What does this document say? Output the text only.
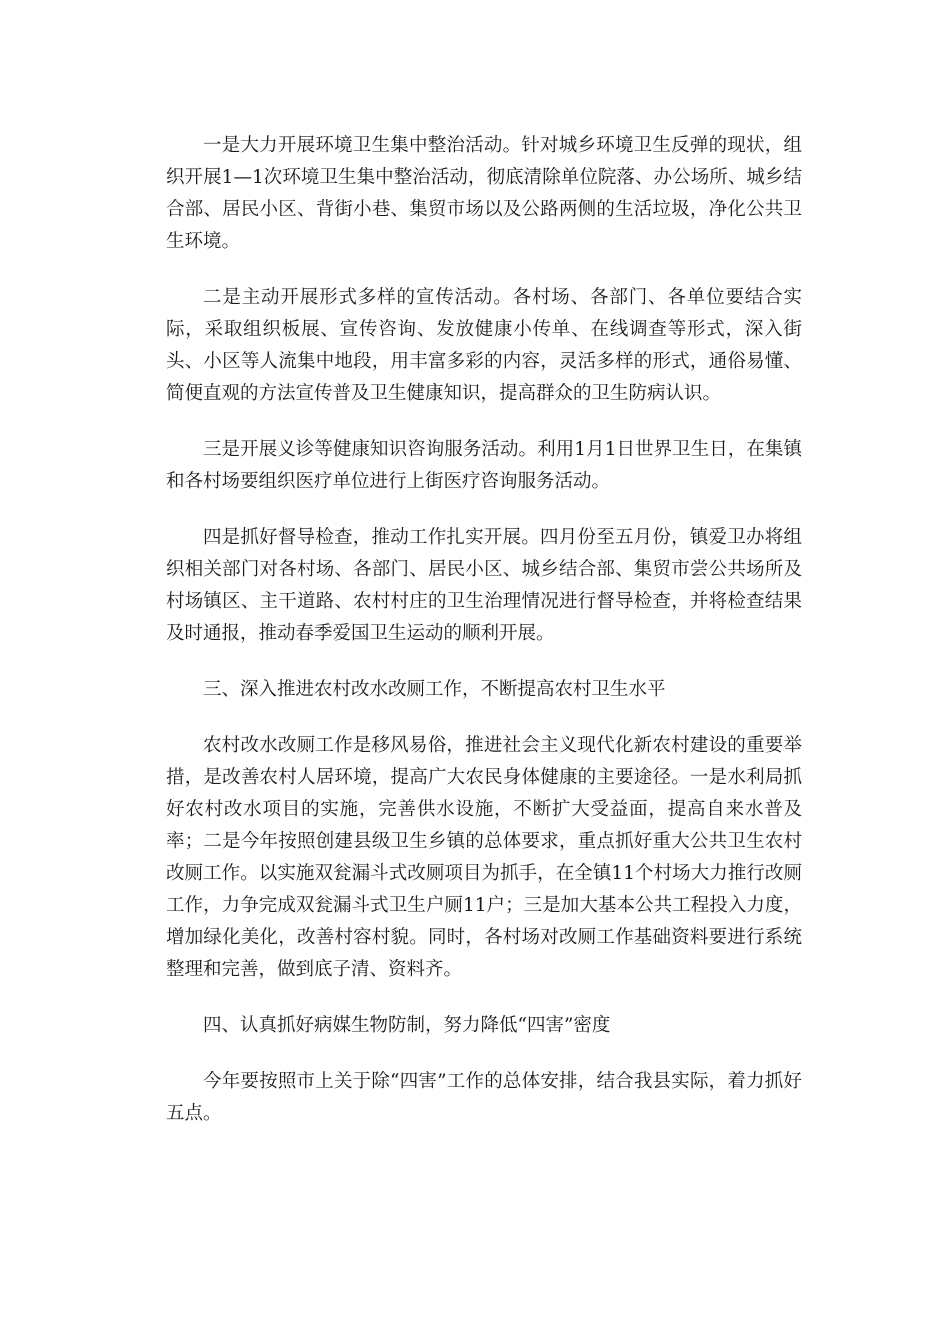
一是大力开展环境卫生集中整治活动。针对城乡环境卫生反弹的现状，组织开展1—1次环境卫生集中整治活动，彻底清除单位院落、办公场所、城乡结合部、居民小区、背街小巷、集贸市场以及公路两侧的生活垃圾，净化公共卫生环境。

二是主动开展形式多样的宣传活动。各村场、各部门、各单位要结合实际，采取组织板展、宣传咨询、发放健康小传单、在线调查等形式，深入街头、小区等人流集中地段，用丰富多彩的内容，灵活多样的形式，通俗易懂、简便直观的方法宣传普及卫生健康知识，提高群众的卫生防病认识。

三是开展义诊等健康知识咨询服务活动。利用1月1日世界卫生日，在集镇和各村场要组织医疗单位进行上街医疗咨询服务活动。

四是抓好督导检查，推动工作扎实开展。四月份至五月份，镇爱卫办将组织相关部门对各村场、各部门、居民小区、城乡结合部、集贸市尝公共场所及村场镇区、主干道路、农村村庄的卫生治理情况进行督导检查，并将检查结果及时通报，推动春季爱国卫生运动的顺利开展。

三、深入推进农村改水改厕工作，不断提高农村卫生水平

农村改水改厕工作是移风易俗，推进社会主义现代化新农村建设的重要举措，是改善农村人居环境，提高广大农民身体健康的主要途径。一是水利局抓好农村改水项目的实施，完善供水设施，不断扩大受益面，提高自来水普及率；二是今年按照创建县级卫生乡镇的总体要求，重点抓好重大公共卫生农村改厕工作。以实施双瓮漏斗式改厕项目为抓手，在全镇11个村场大力推行改厕工作，力争完成双瓮漏斗式卫生户厕11户；三是加大基本公共工程投入力度，增加绿化美化，改善村容村貌。同时，各村场对改厕工作基础资料要进行系统整理和完善，做到底子清、资料齐。

四、认真抓好病媒生物防制，努力降低“四害”密度

今年要按照市上关于除“四害”工作的总体安排，结合我县实际，着力抓好五点。
